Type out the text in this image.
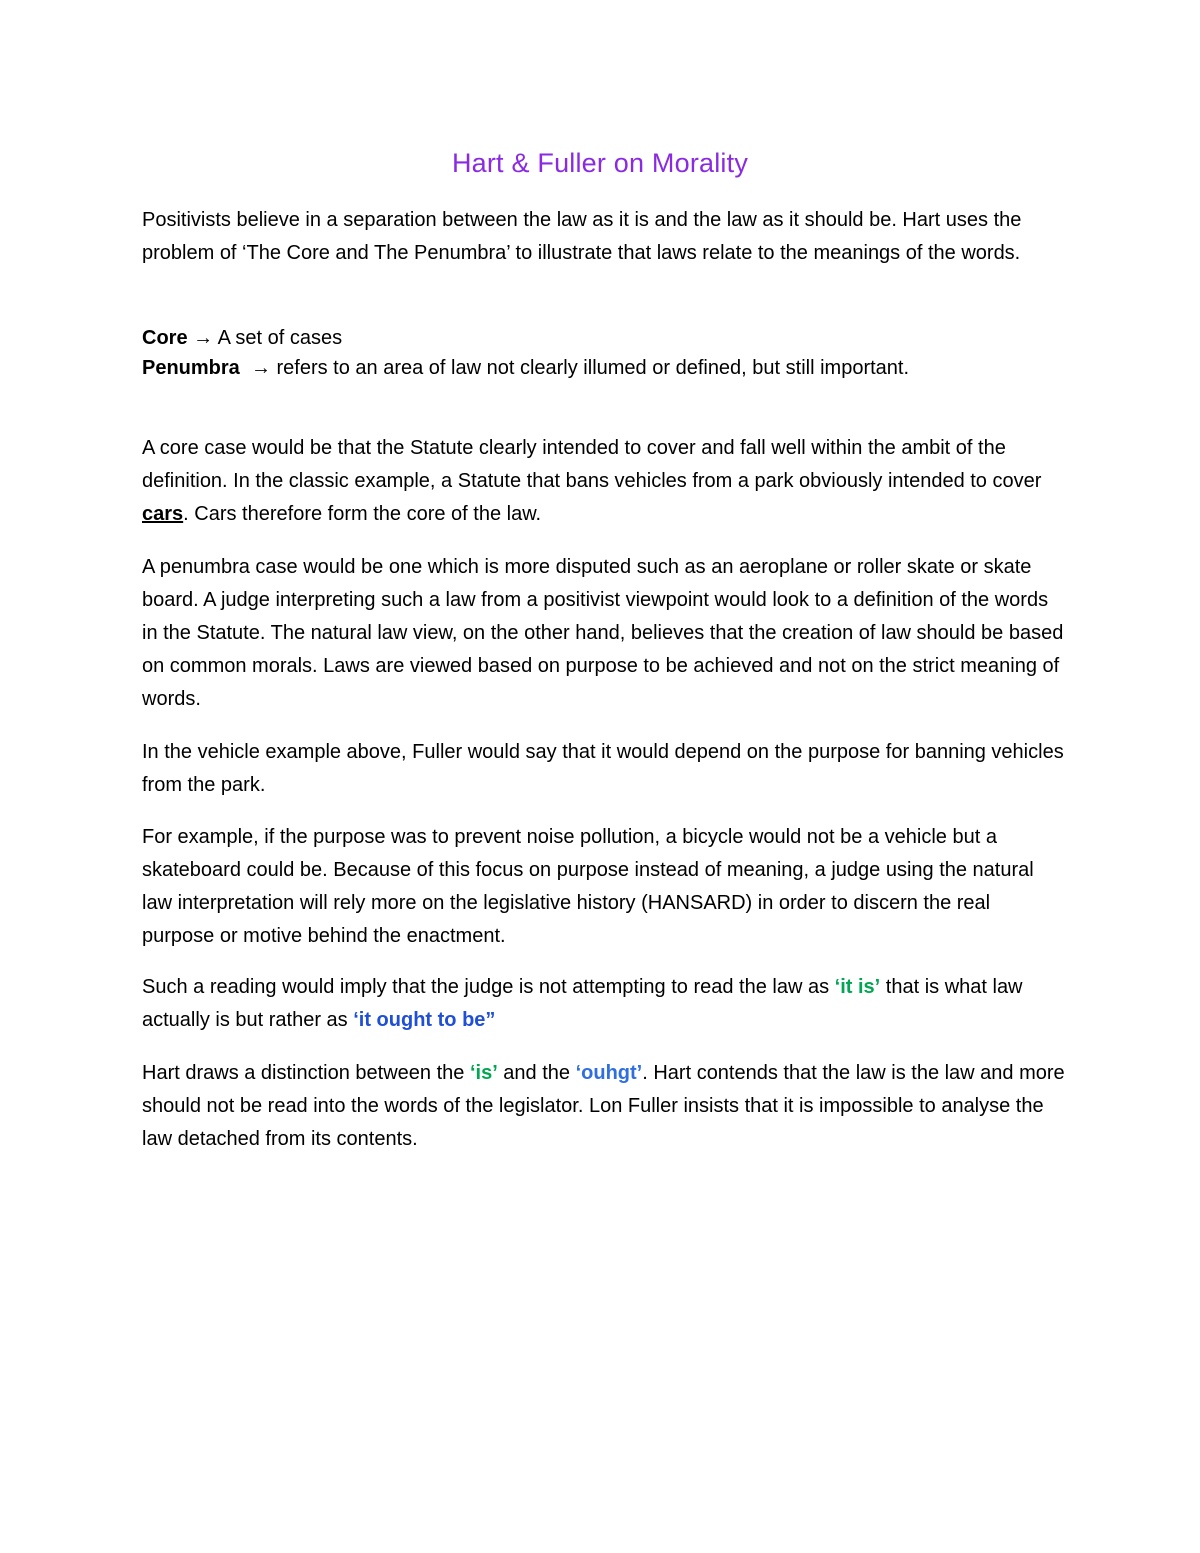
Hart & Fuller on Morality

Positivists believe in a separation between the law as it is and the law as it should be. Hart uses the problem of ‘The Core and The Penumbra’ to illustrate that laws relate to the meanings of the words.

Core → A set of cases
Penumbra → refers to an area of law not clearly illumed or defined, but still important.

A core case would be that the Statute clearly intended to cover and fall well within the ambit of the definition. In the classic example, a Statute that bans vehicles from a park obviously intended to cover cars. Cars therefore form the core of the law.

A penumbra case would be one which is more disputed such as an aeroplane or roller skate or skate board. A judge interpreting such a law from a positivist viewpoint would look to a definition of the words in the Statute. The natural law view, on the other hand, believes that the creation of law should be based on common morals. Laws are viewed based on purpose to be achieved and not on the strict meaning of words.

In the vehicle example above, Fuller would say that it would depend on the purpose for banning vehicles from the park.

For example, if the purpose was to prevent noise pollution, a bicycle would not be a vehicle but a skateboard could be. Because of this focus on purpose instead of meaning, a judge using the natural law interpretation will rely more on the legislative history (HANSARD) in order to discern the real purpose or motive behind the enactment.

Such a reading would imply that the judge is not attempting to read the law as ‘it is’ that is what law actually is but rather as ‘it ought to be”

Hart draws a distinction between the ‘is’ and the ‘ouhgt’. Hart contends that the law is the law and more should not be read into the words of the legislator. Lon Fuller insists that it is impossible to analyse the law detached from its contents.
